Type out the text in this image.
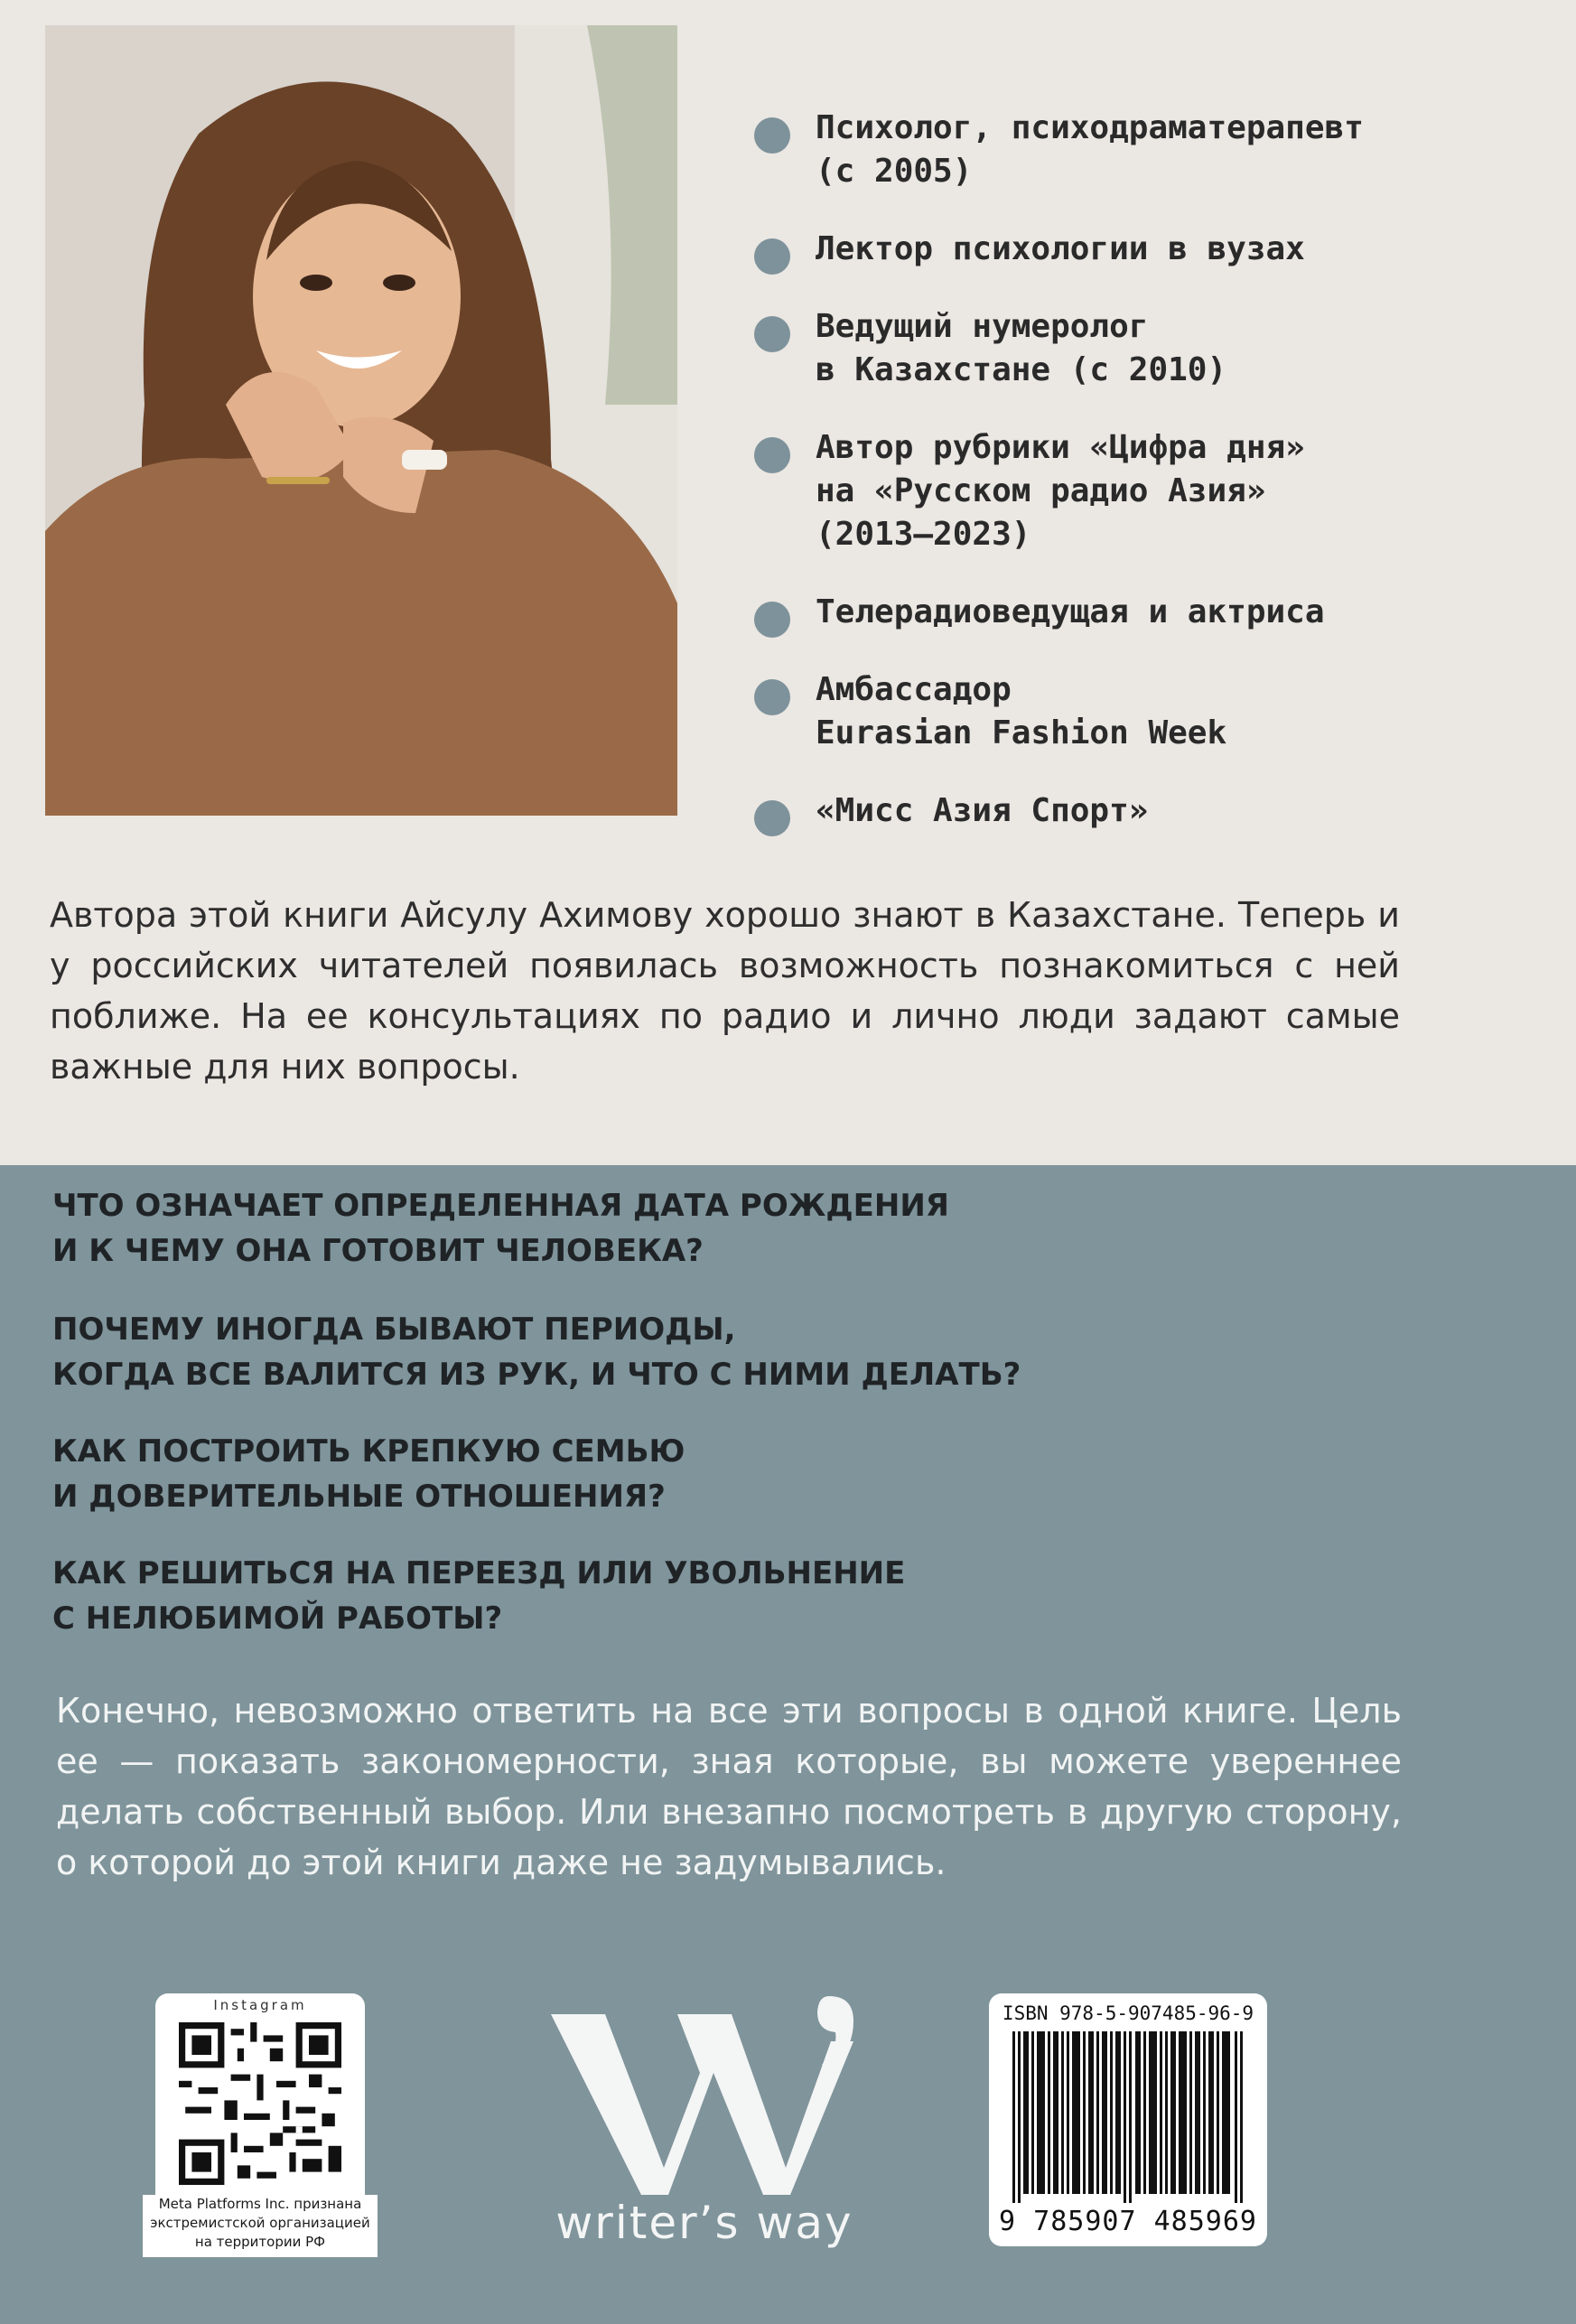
Психолог, психодраматерапевт
(с 2005)
Лектор психологии в вузах
Ведущий нумеролог
в Казахстане (с 2010)
Автор рубрики «Цифра дня»
на «Русском радио Азия»
(2013–2023)
Телерадиоведущая и актриса
Амбассадор
Eurasian Fashion Week
«Мисс Азия Спорт»

Автора этой книги Айсулу Ахимову хорошо знают в Казахстане. Теперь и у российских читателей появилась возможность познакомиться с ней поближе. На ее консультациях по радио и лично люди задают самые важные для них вопросы.

ЧТО ОЗНАЧАЕТ ОПРЕДЕЛЕННАЯ ДАТА РОЖДЕНИЯ
И К ЧЕМУ ОНА ГОТОВИТ ЧЕЛОВЕКА?

ПОЧЕМУ ИНОГДА БЫВАЮТ ПЕРИОДЫ,
КОГДА ВСЕ ВАЛИТСЯ ИЗ РУК, И ЧТО С НИМИ ДЕЛАТЬ?

КАК ПОСТРОИТЬ КРЕПКУЮ СЕМЬЮ
И ДОВЕРИТЕЛЬНЫЕ ОТНОШЕНИЯ?

КАК РЕШИТЬСЯ НА ПЕРЕЕЗД ИЛИ УВОЛЬНЕНИЕ
С НЕЛЮБИМОЙ РАБОТЫ?

Конечно, невозможно ответить на все эти вопросы в одной книге. Цель ее — показать закономерности, зная которые, вы можете увереннее делать собственный выбор. Или внезапно посмотреть в другую сторону, о которой до этой книги даже не задумывались.

Instagram

Meta Platforms Inc. признана экстремистской организацией на территории РФ	writer’s way
ISBN 978-5-907485-96-9
9 785907 485969
